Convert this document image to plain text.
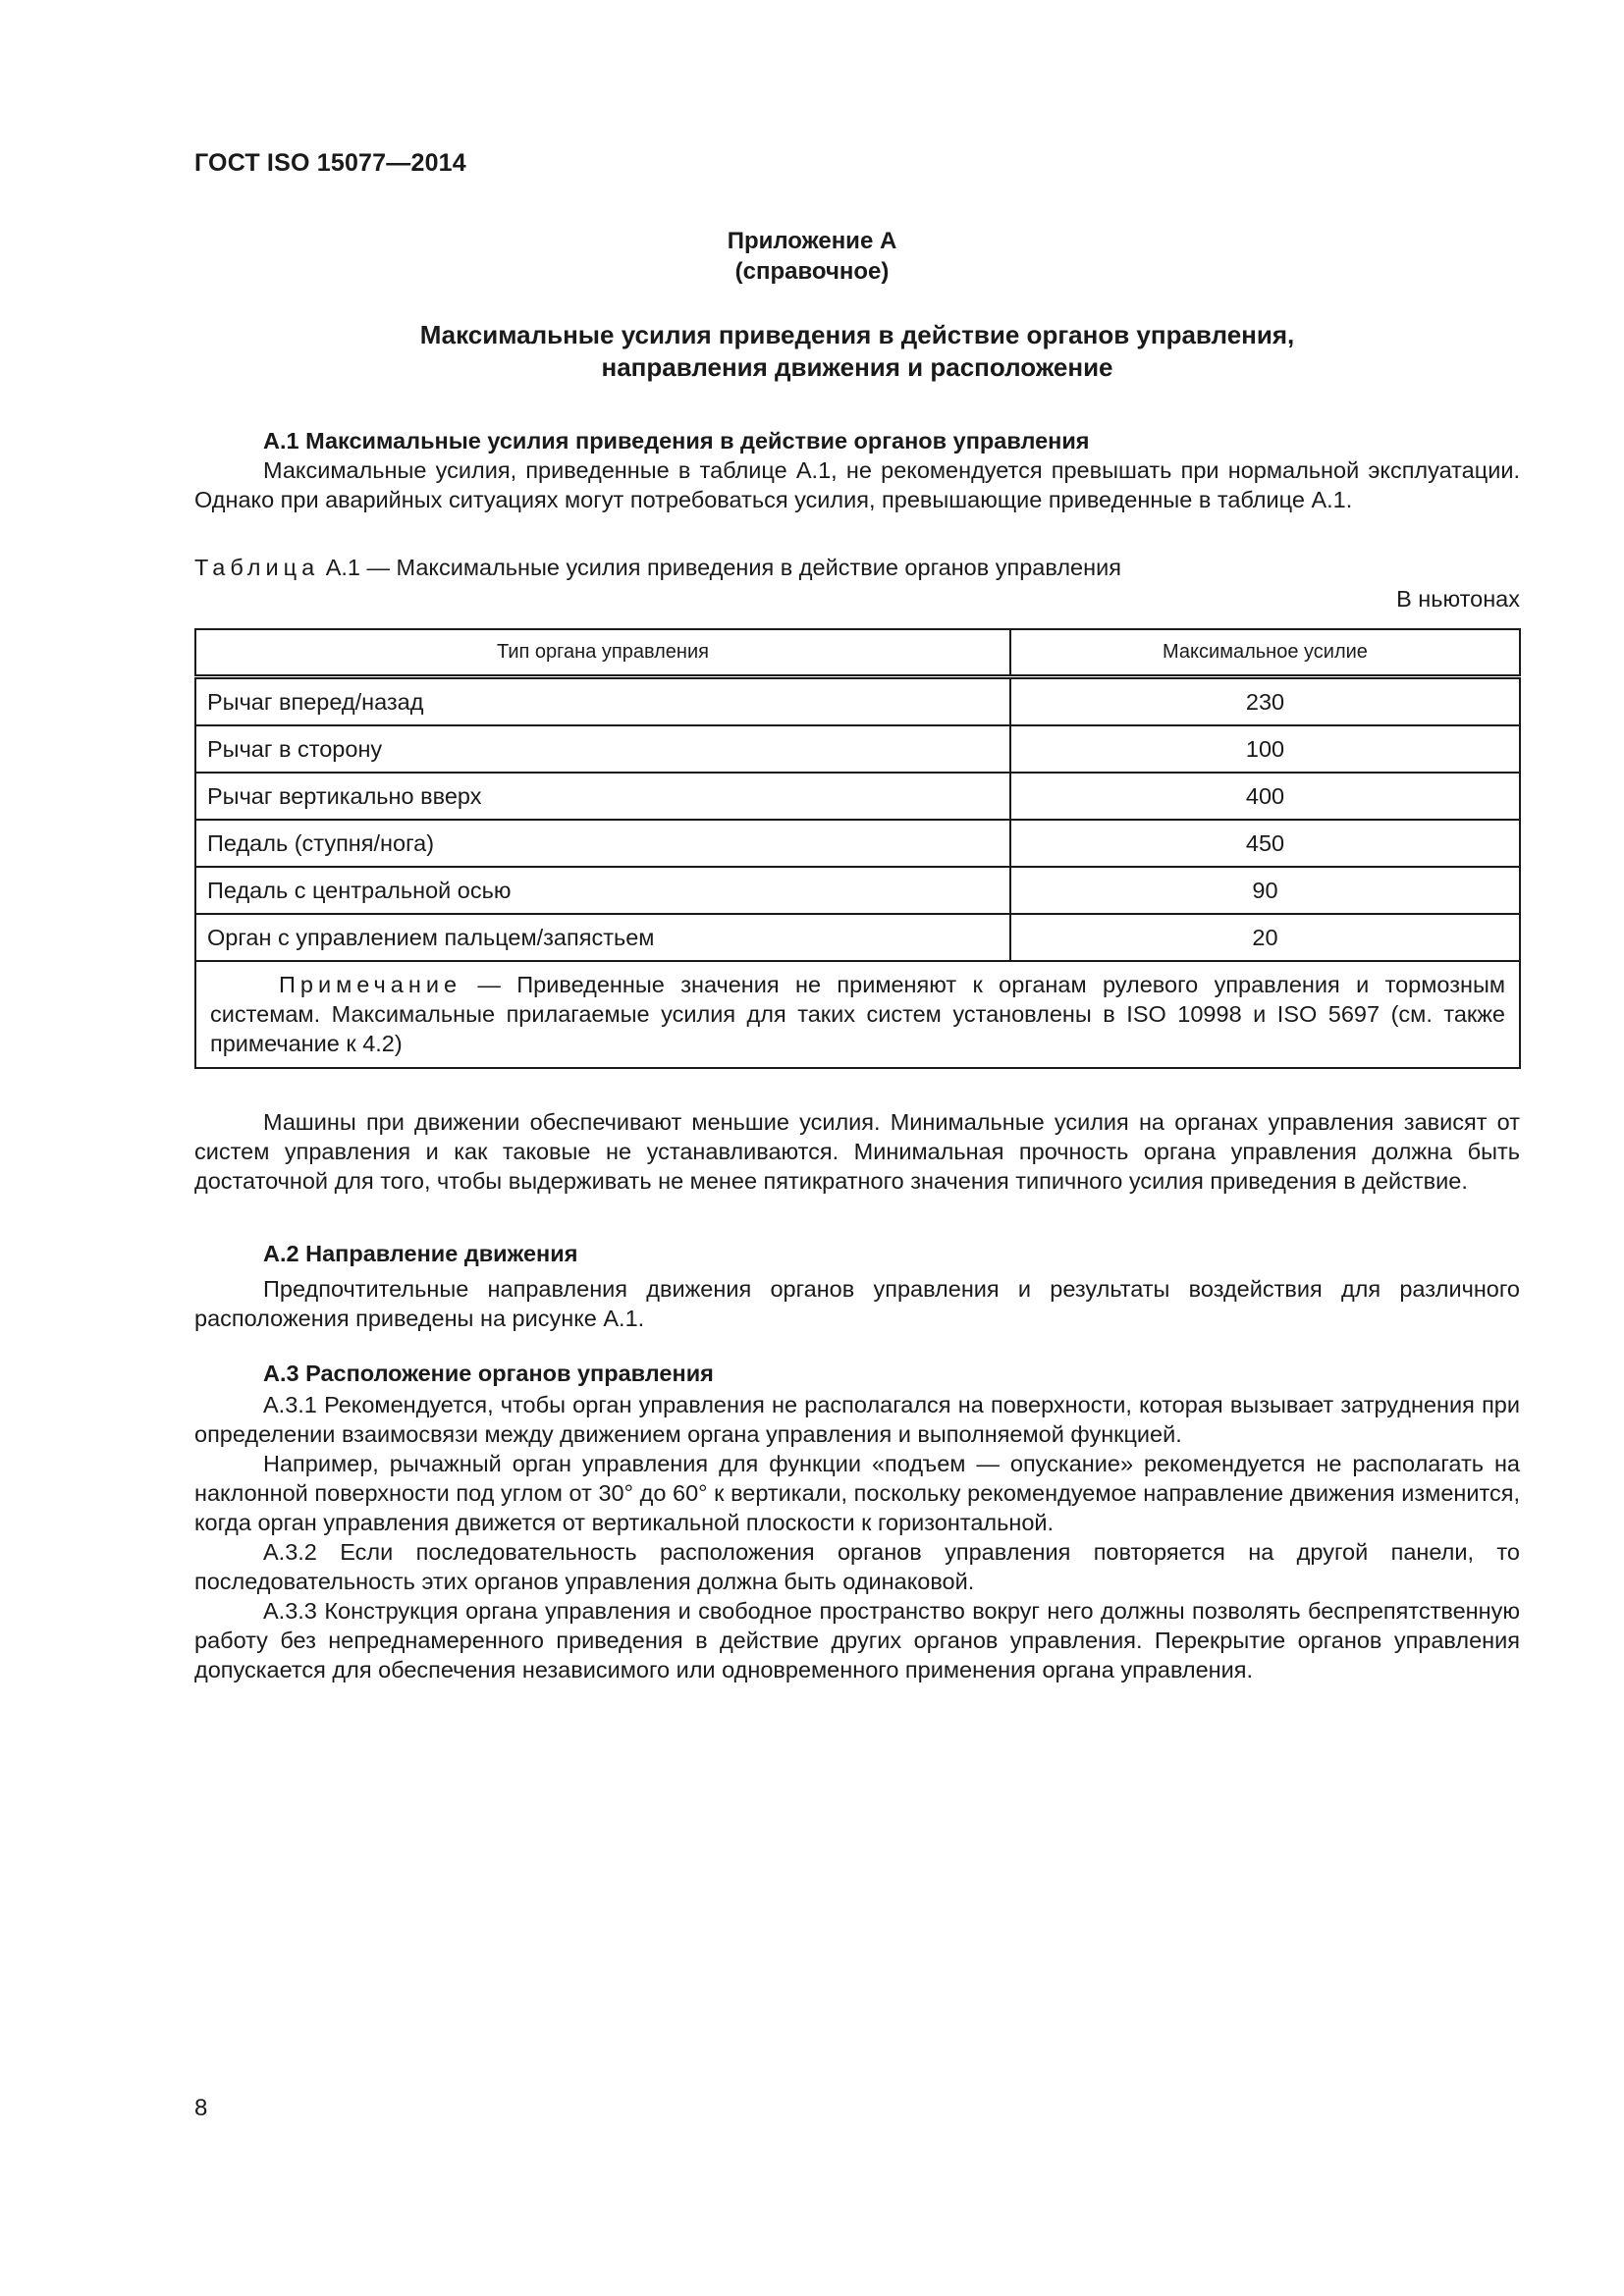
ГОСТ ISO 15077—2014
Приложение А
(справочное)
Максимальные усилия приведения в действие органов управления,
направления движения и расположение
А.1 Максимальные усилия приведения в действие органов управления
Максимальные усилия, приведенные в таблице А.1, не рекомендуется превышать при нормальной эксплуатации. Однако при аварийных ситуациях могут потребоваться усилия, превышающие приведенные в таблице А.1.
Таблица А.1 — Максимальные усилия приведения в действие органов управления
В ньютонах
Тип органа управления	Максимальное усилие
Рычаг вперед/назад	230
Рычаг в сторону	100
Рычаг вертикально вверх	400
Педаль (ступня/нога)	450
Педаль с центральной осью	90
Орган с управлением пальцем/запястьем	20
Примечание — Приведенные значения не применяют к органам рулевого управления и тормозным системам. Максимальные прилагаемые усилия для таких систем установлены в ISO 10998 и ISO 5697 (см. также примечание к 4.2)	
Машины при движении обеспечивают меньшие усилия. Минимальные усилия на органах управления зависят от систем управления и как таковые не устанавливаются. Минимальная прочность органа управления должна быть достаточной для того, чтобы выдерживать не менее пятикратного значения типичного усилия приведения в действие.
А.2 Направление движения
Предпочтительные направления движения органов управления и результаты воздействия для различного расположения приведены на рисунке А.1.
А.3 Расположение органов управления
А.3.1 Рекомендуется, чтобы орган управления не располагался на поверхности, которая вызывает затруднения при определении взаимосвязи между движением органа управления и выполняемой функцией.
Например, рычажный орган управления для функции «подъем — опускание» рекомендуется не располагать на наклонной поверхности под углом от 30° до 60° к вертикали, поскольку рекомендуемое направление движения изменится, когда орган управления движется от вертикальной плоскости к горизонтальной.
А.3.2 Если последовательность расположения органов управления повторяется на другой панели, то последовательность этих органов управления должна быть одинаковой.
А.3.3 Конструкция органа управления и свободное пространство вокруг него должны позволять беспрепятственную работу без непреднамеренного приведения в действие других органов управления. Перекрытие органов управления допускается для обеспечения независимого или одновременного применения органа управления.
8
